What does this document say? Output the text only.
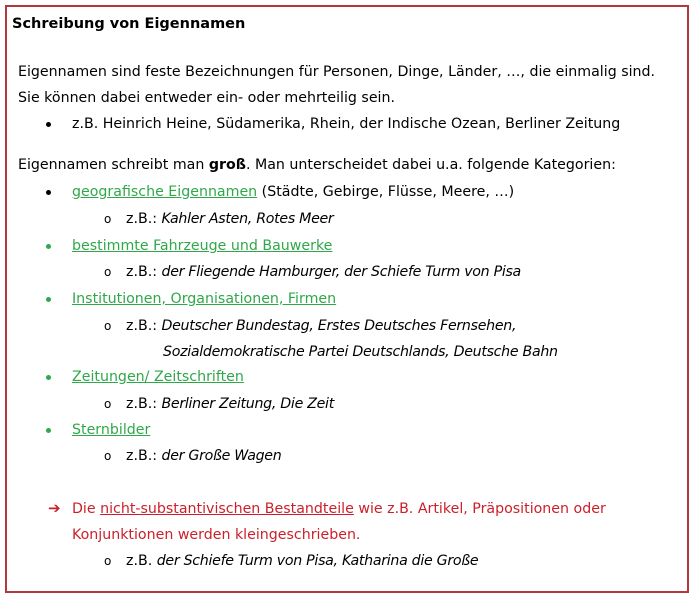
Schreibung von Eigennamen
Eigennamen sind feste Bezeichnungen für Personen, Dinge, Länder, …, die einmalig sind.
Sie können dabei entweder ein- oder mehrteilig sein.
z.B. Heinrich Heine, Südamerika, Rhein, der Indische Ozean, Berliner Zeitung
Eigennamen schreibt man groß. Man unterscheidet dabei u.a. folgende Kategorien:
geografische Eigennamen (Städte, Gebirge, Flüsse, Meere, …)
o z.B.: Kahler Asten, Rotes Meer
bestimmte Fahrzeuge und Bauwerke
o z.B.: der Fliegende Hamburger, der Schiefe Turm von Pisa
Institutionen, Organisationen, Firmen
o z.B.: Deutscher Bundestag, Erstes Deutsches Fernsehen,
Sozialdemokratische Partei Deutschlands, Deutsche Bahn
Zeitungen/ Zeitschriften
o z.B.: Berliner Zeitung, Die Zeit
Sternbilder
o z.B.: der Große Wagen
➔ Die nicht-substantivischen Bestandteile wie z.B. Artikel, Präpositionen oder
Konjunktionen werden kleingeschrieben.
o z.B. der Schiefe Turm von Pisa, Katharina die Große
